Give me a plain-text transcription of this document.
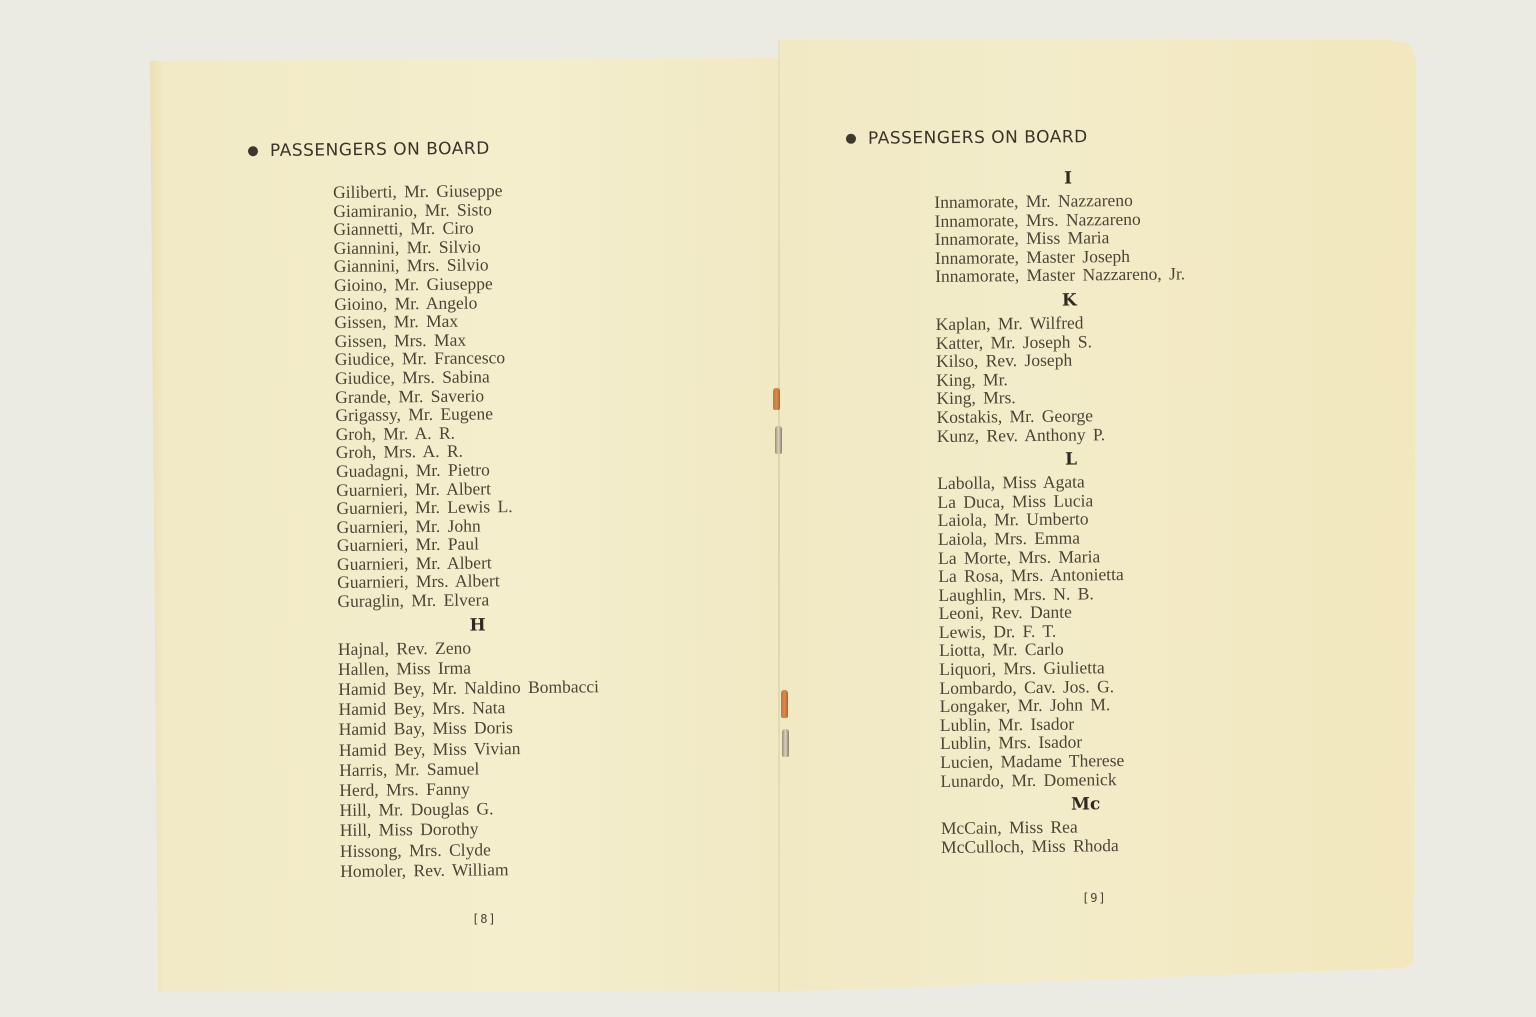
PASSENGERS ON BOARD
Giliberti, Mr. Giuseppe
Giamiranio, Mr. Sisto
Giannetti, Mr. Ciro
Giannini, Mr. Silvio
Giannini, Mrs. Silvio
Gioino, Mr. Giuseppe
Gioino, Mr. Angelo
Gissen, Mr. Max
Gissen, Mrs. Max
Giudice, Mr. Francesco
Giudice, Mrs. Sabina
Grande, Mr. Saverio
Grigassy, Mr. Eugene
Groh, Mr. A. R.
Groh, Mrs. A. R.
Guadagni, Mr. Pietro
Guarnieri, Mr. Albert
Guarnieri, Mr. Lewis L.
Guarnieri, Mr. John
Guarnieri, Mr. Paul
Guarnieri, Mr. Albert
Guarnieri, Mrs. Albert
Guraglin, Mr. Elvera
H
Hajnal, Rev. Zeno
Hallen, Miss Irma
Hamid Bey, Mr. Naldino Bombacci
Hamid Bey, Mrs. Nata
Hamid Bay, Miss Doris
Hamid Bey, Miss Vivian
Harris, Mr. Samuel
Herd, Mrs. Fanny
Hill, Mr. Douglas G.
Hill, Miss Dorothy
Hissong, Mrs. Clyde
Homoler, Rev. William
[8]
PASSENGERS ON BOARD
I
Innamorate, Mr. Nazzareno
Innamorate, Mrs. Nazzareno
Innamorate, Miss Maria
Innamorate, Master Joseph
Innamorate, Master Nazzareno, Jr.
K
Kaplan, Mr. Wilfred
Katter, Mr. Joseph S.
Kilso, Rev. Joseph
King, Mr.
King, Mrs.
Kostakis, Mr. George
Kunz, Rev. Anthony P.
L
Labolla, Miss Agata
La Duca, Miss Lucia
Laiola, Mr. Umberto
Laiola, Mrs. Emma
La Morte, Mrs. Maria
La Rosa, Mrs. Antonietta
Laughlin, Mrs. N. B.
Leoni, Rev. Dante
Lewis, Dr. F. T.
Liotta, Mr. Carlo
Liquori, Mrs. Giulietta
Lombardo, Cav. Jos. G.
Longaker, Mr. John M.
Lublin, Mr. Isador
Lublin, Mrs. Isador
Lucien, Madame Therese
Lunardo, Mr. Domenick
Mc
McCain, Miss Rea
McCulloch, Miss Rhoda
[9]
